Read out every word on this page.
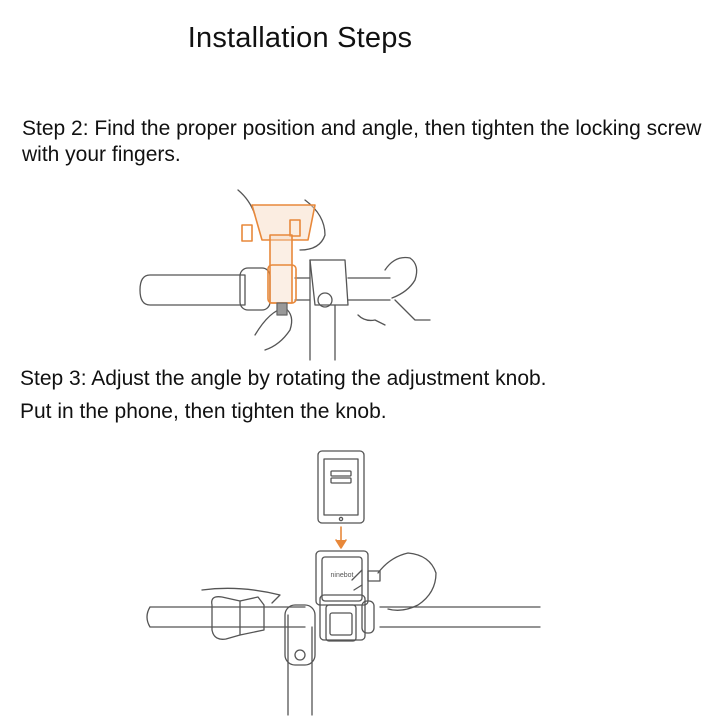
Installation Steps
Step 2: Find the proper position and angle, then tighten the locking screw with your fingers.
Step 3: Adjust the angle by rotating the adjustment knob.
Put in the phone, then tighten the knob.
ninebot
